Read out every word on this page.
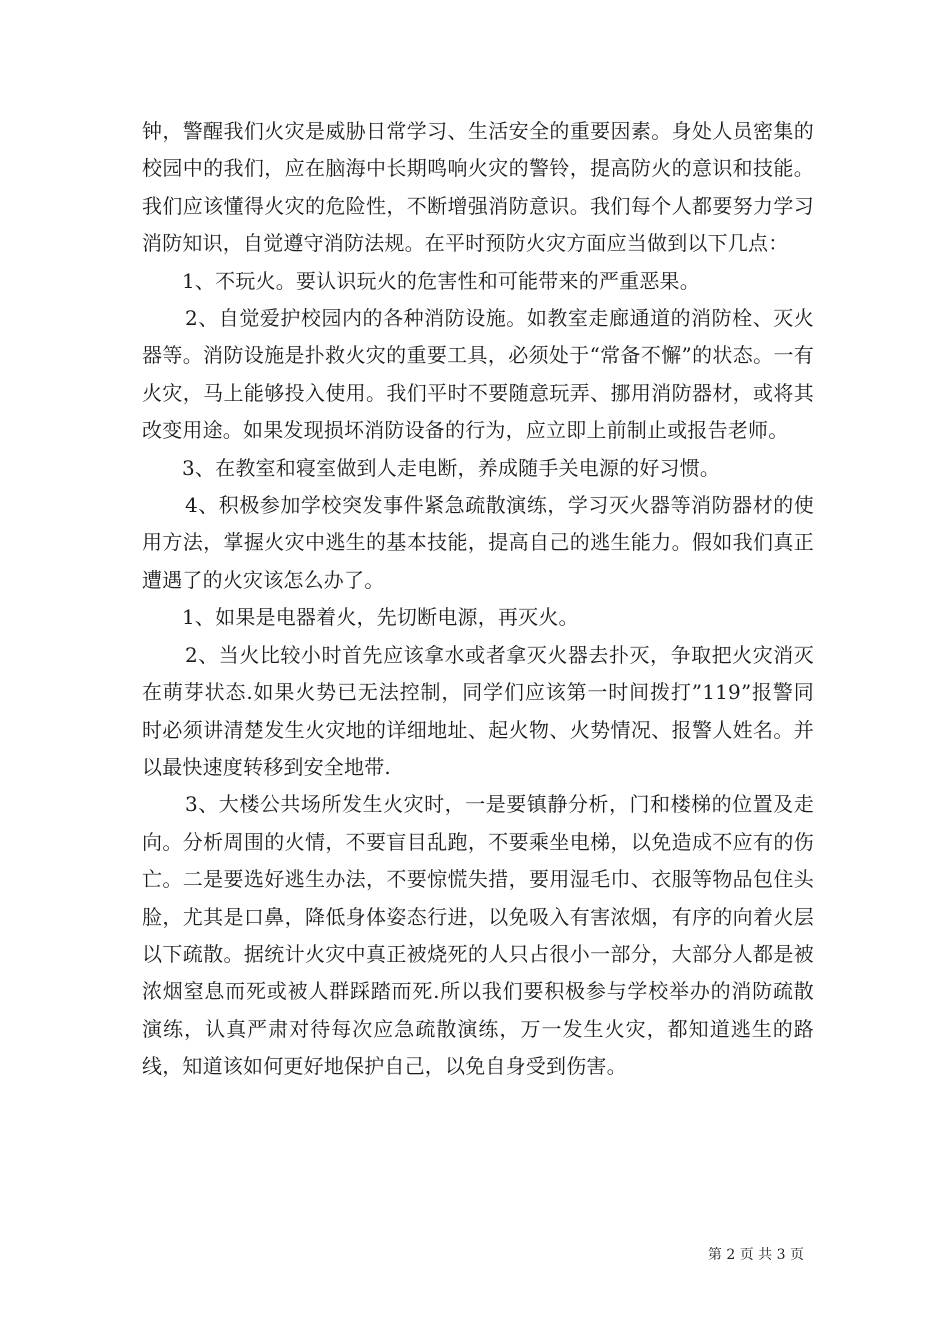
钟，警醒我们火灾是威胁日常学习、生活安全的重要因素。身处人员密集的校园中的我们，应在脑海中长期鸣响火灾的警铃，提高防火的意识和技能。我们应该懂得火灾的危险性，不断增强消防意识。我们每个人都要努力学习消防知识，自觉遵守消防法规。在平时预防火灾方面应当做到以下几点：

1、不玩火。要认识玩火的危害性和可能带来的严重恶果。

2、自觉爱护校园内的各种消防设施。如教室走廊通道的消防栓、灭火器等。消防设施是扑救火灾的重要工具，必须处于“常备不懈”的状态。一有火灾，马上能够投入使用。我们平时不要随意玩弄、挪用消防器材，或将其改变用途。如果发现损坏消防设备的行为，应立即上前制止或报告老师。

3、在教室和寝室做到人走电断，养成随手关电源的好习惯。

4、积极参加学校突发事件紧急疏散演练，学习灭火器等消防器材的使用方法，掌握火灾中逃生的基本技能，提高自己的逃生能力。假如我们真正遭遇了的火灾该怎么办了。

1、如果是电器着火，先切断电源，再灭火。

2、当火比较小时首先应该拿水或者拿灭火器去扑灭，争取把火灾消灭在萌芽状态.如果火势已无法控制，同学们应该第一时间拨打”119”报警同时必须讲清楚发生火灾地的详细地址、起火物、火势情况、报警人姓名。并以最快速度转移到安全地带.

3、大楼公共场所发生火灾时，一是要镇静分析，门和楼梯的位置及走向。分析周围的火情，不要盲目乱跑，不要乘坐电梯，以免造成不应有的伤亡。二是要选好逃生办法，不要惊慌失措，要用湿毛巾、衣服等物品包住头脸，尤其是口鼻，降低身体姿态行进，以免吸入有害浓烟，有序的向着火层以下疏散。据统计火灾中真正被烧死的人只占很小一部分，大部分人都是被浓烟窒息而死或被人群踩踏而死.所以我们要积极参与学校举办的消防疏散演练，认真严肃对待每次应急疏散演练，万一发生火灾，都知道逃生的路线，知道该如何更好地保护自己，以免自身受到伤害。

第 2 页 共 3 页
